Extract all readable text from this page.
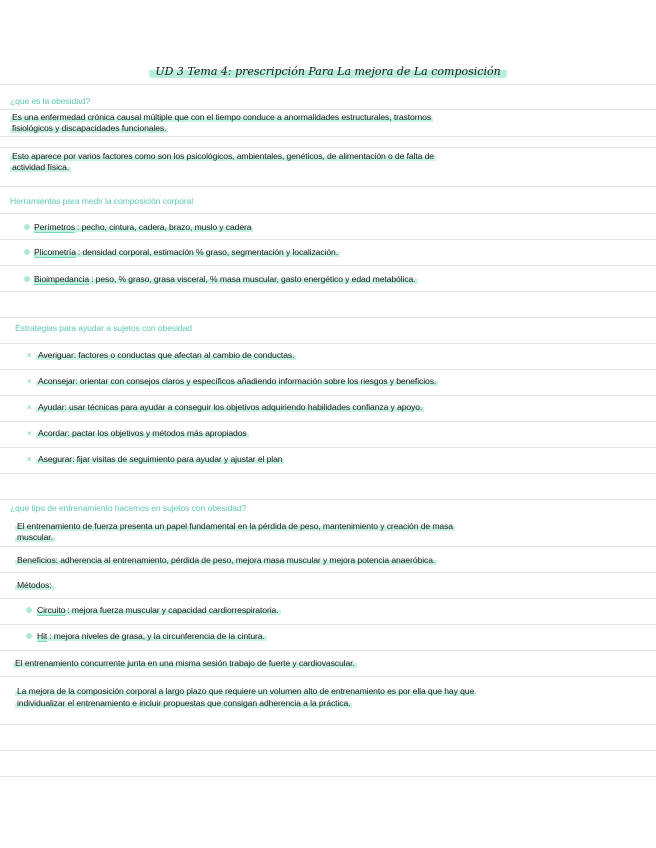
UD 3 Tema 4: prescripción Para La mejora de La composición
¿que es la obesidad?
Es una enfermedad crónica causal múltiple que con el tiempo conduce a anormalidades estructurales, trastornos
fisiológicos y discapacidades funcionales.
Esto aparece por varios factores como son los psicológicos, ambientales, genéticos, de alimentación o de falta de
actividad física.
Herramientas para medir la composición corporal
Perímetros : pecho, cintura, cadera, brazo, muslo y cadera
Plicometría : densidad corporal, estimación % graso, segmentación y localización.
Bioimpedancia : peso, % graso, grasa visceral, % masa muscular, gasto energético y edad metabólica.
Estrategias para ayudar a sujetos con obesidad
× Averiguar: factores o conductas que afectan al cambio de conductas.
× Aconsejar: orientar con consejos claros y específicos añadiendo información sobre los riesgos y beneficios.
× Ayudar: usar técnicas para ayudar a conseguir los objetivos adquiriendo habilidades confianza y apoyo.
× Acordar: pactar los objetivos y métodos más apropiados
× Asegurar: fijar visitas de seguimiento para ayudar y ajustar el plan
¿que tipo de entrenamiento hacemos en sujetos con obesidad?
El entrenamiento de fuerza presenta un papel fundamental en la pérdida de peso, mantenimiento y creación de masa
muscular.
Beneficios: adherencia al entrenamiento, pérdida de peso, mejora masa muscular y mejora potencia anaeróbica.
Métodos:
Circuito : mejora fuerza muscular y capacidad cardiorrespiratoria.
Hit : mejora niveles de grasa, y la circunferencia de la cintura.
El entrenamiento concurrente junta en una misma sesión trabajo de fuerte y cardiovascular.
La mejora de la composición corporal a largo plazo que requiere un volumen alto de entrenamiento es por ella que hay que
individualizar el entrenamiento e incluir propuestas que consigan adherencia a la práctica.
